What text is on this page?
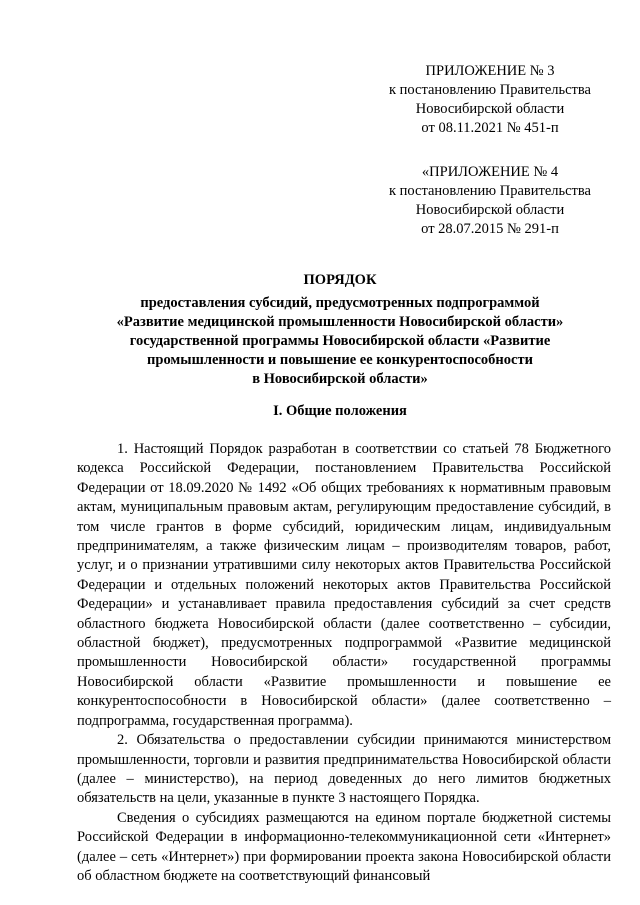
ПРИЛОЖЕНИЕ № 3
к постановлению Правительства
Новосибирской области
от 08.11.2021 № 451-п
«ПРИЛОЖЕНИЕ № 4
к постановлению Правительства
Новосибирской области
от 28.07.2015 № 291-п
ПОРЯДОК
предоставления субсидий, предусмотренных подпрограммой
«Развитие медицинской промышленности Новосибирской области»
государственной программы Новосибирской области «Развитие
промышленности и повышение ее конкурентоспособности
в Новосибирской области»
I. Общие положения

1. Настоящий Порядок разработан в соответствии со статьей 78 Бюджетного кодекса Российской Федерации, постановлением Правительства Российской Федерации от 18.09.2020 № 1492 «Об общих требованиях к нормативным правовым актам, муниципальным правовым актам, регулирующим предоставление субсидий, в том числе грантов в форме субсидий, юридическим лицам, индивидуальным предпринимателям, а также физическим лицам – производителям товаров, работ, услуг, и о признании утратившими силу некоторых актов Правительства Российской Федерации и отдельных положений некоторых актов Правительства Российской Федерации» и устанавливает правила предоставления субсидий за счет средств областного бюджета Новосибирской области (далее соответственно – субсидии, областной бюджет), предусмотренных подпрограммой «Развитие медицинской промышленности Новосибирской области» государственной программы Новосибирской области «Развитие промышленности и повышение ее конкурентоспособности в Новосибирской области» (далее соответственно – подпрограмма, государственная программа).

2. Обязательства о предоставлении субсидии принимаются министерством промышленности, торговли и развития предпринимательства Новосибирской области (далее – министерство), на период доведенных до него лимитов бюджетных обязательств на цели, указанные в пункте 3 настоящего Порядка.

Сведения о субсидиях размещаются на едином портале бюджетной системы Российской Федерации в информационно-телекоммуникационной сети «Интернет» (далее – сеть «Интернет») при формировании проекта закона Новосибирской области об областном бюджете на соответствующий финансовый
